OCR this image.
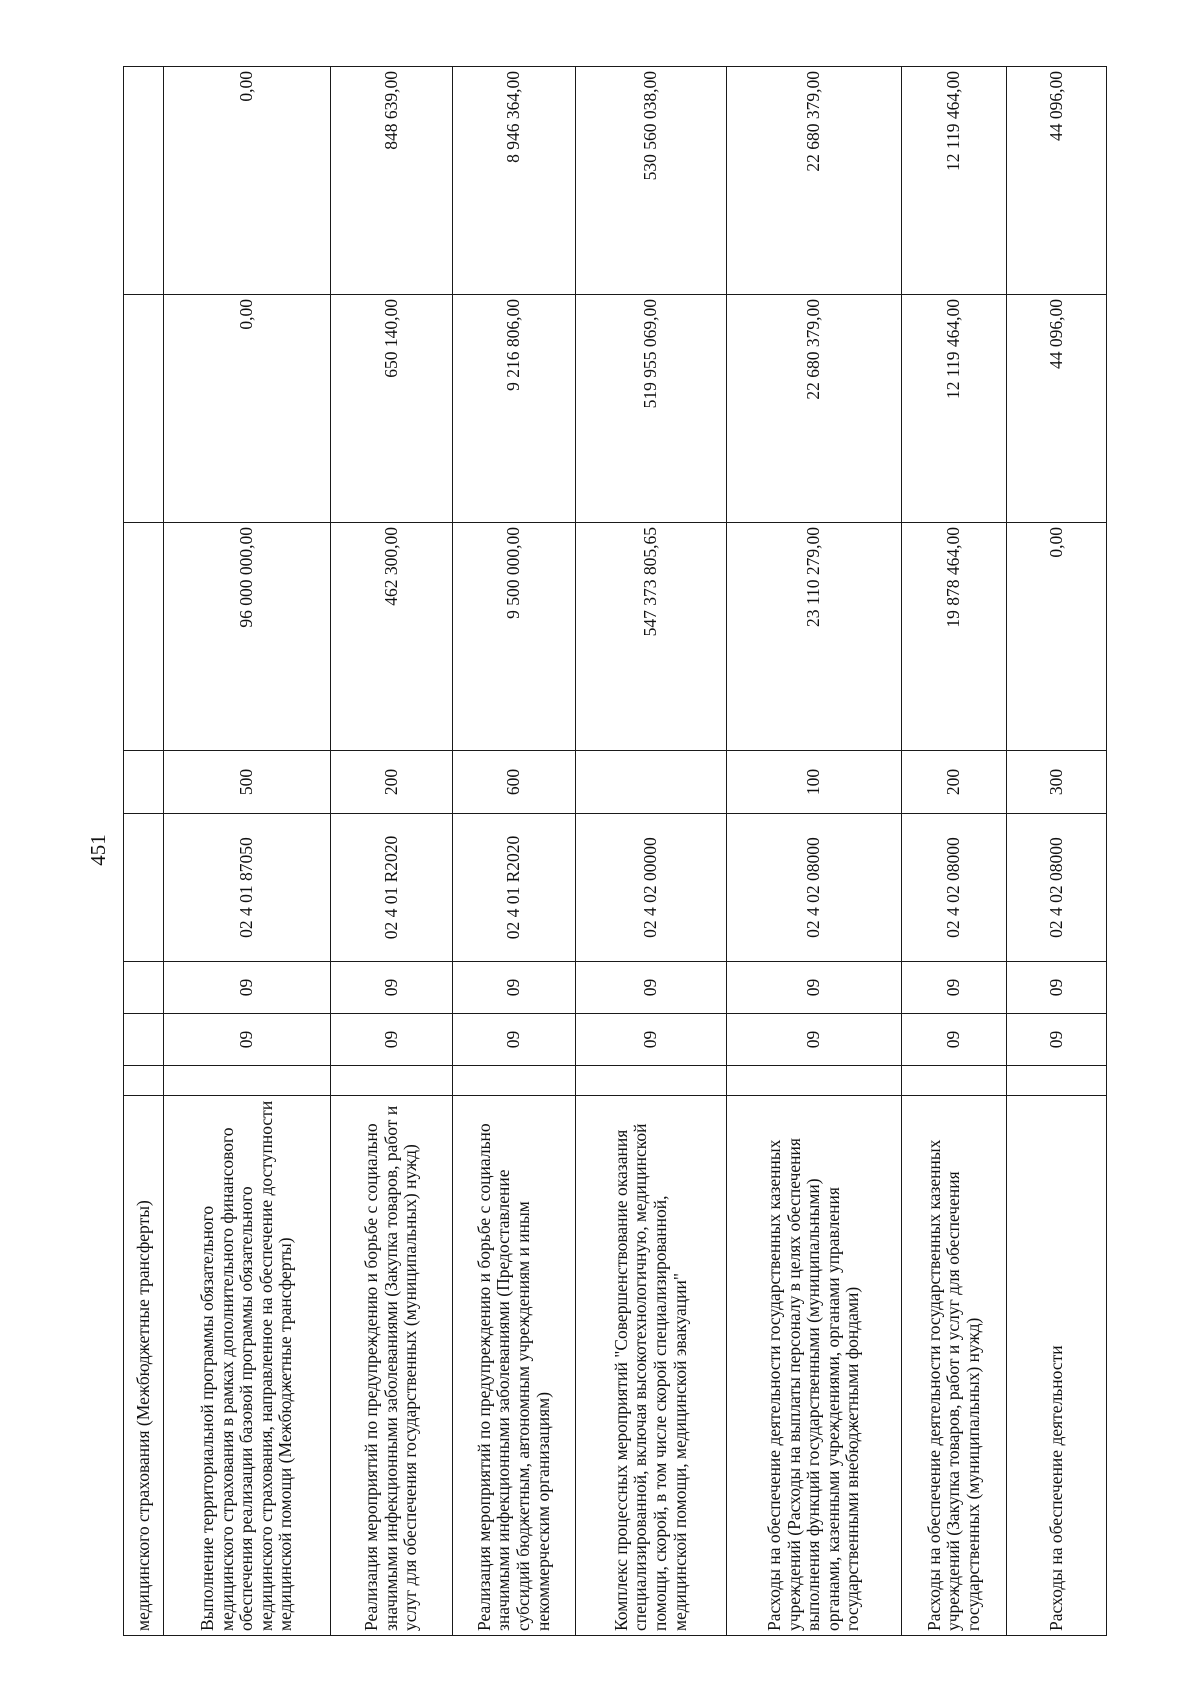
451
медицинского страхования (Межбюджетные трансферты)								
Выполнение территориальной программы обязательного медицинского страхования в рамках дополнительного финансового обеспечения реализации базовой программы обязательного медицинского страхования, направленное на обеспечение доступности медицинской помощи (Межбюджетные трансферты)		09	09	02 4 01 87050	500	96 000 000,00	0,00	0,00
Реализация мероприятий по предупреждению и борьбе с социально значимыми инфекционными заболеваниями (Закупка товаров, работ и услуг для обеспечения государственных (муниципальных) нужд)		09	09	02 4 01 R2020	200	462 300,00	650 140,00	848 639,00
Реализация мероприятий по предупреждению и борьбе с социально значимыми инфекционными заболеваниями (Предоставление субсидий бюджетным, автономным учреждениям и иным некоммерческим организациям)		09	09	02 4 01 R2020	600	9 500 000,00	9 216 806,00	8 946 364,00
Комплекс процессных мероприятий "Совершенствование оказания специализированной, включая высокотехнологичную, медицинской помощи, скорой, в том числе скорой специализированной, медицинской помощи, медицинской эвакуации"		09	09	02 4 02 00000		547 373 805,65	519 955 069,00	530 560 038,00
Расходы на обеспечение деятельности государственных казенных учреждений (Расходы на выплаты персоналу в целях обеспечения выполнения функций государственными (муниципальными) органами, казенными учреждениями, органами управления государственными внебюджетными фондами)		09	09	02 4 02 08000	100	23 110 279,00	22 680 379,00	22 680 379,00
Расходы на обеспечение деятельности государственных казенных учреждений (Закупка товаров, работ и услуг для обеспечения государственных (муниципальных) нужд)		09	09	02 4 02 08000	200	19 878 464,00	12 119 464,00	12 119 464,00
Расходы на обеспечение деятельности		09	09	02 4 02 08000	300	0,00	44 096,00	44 096,00
